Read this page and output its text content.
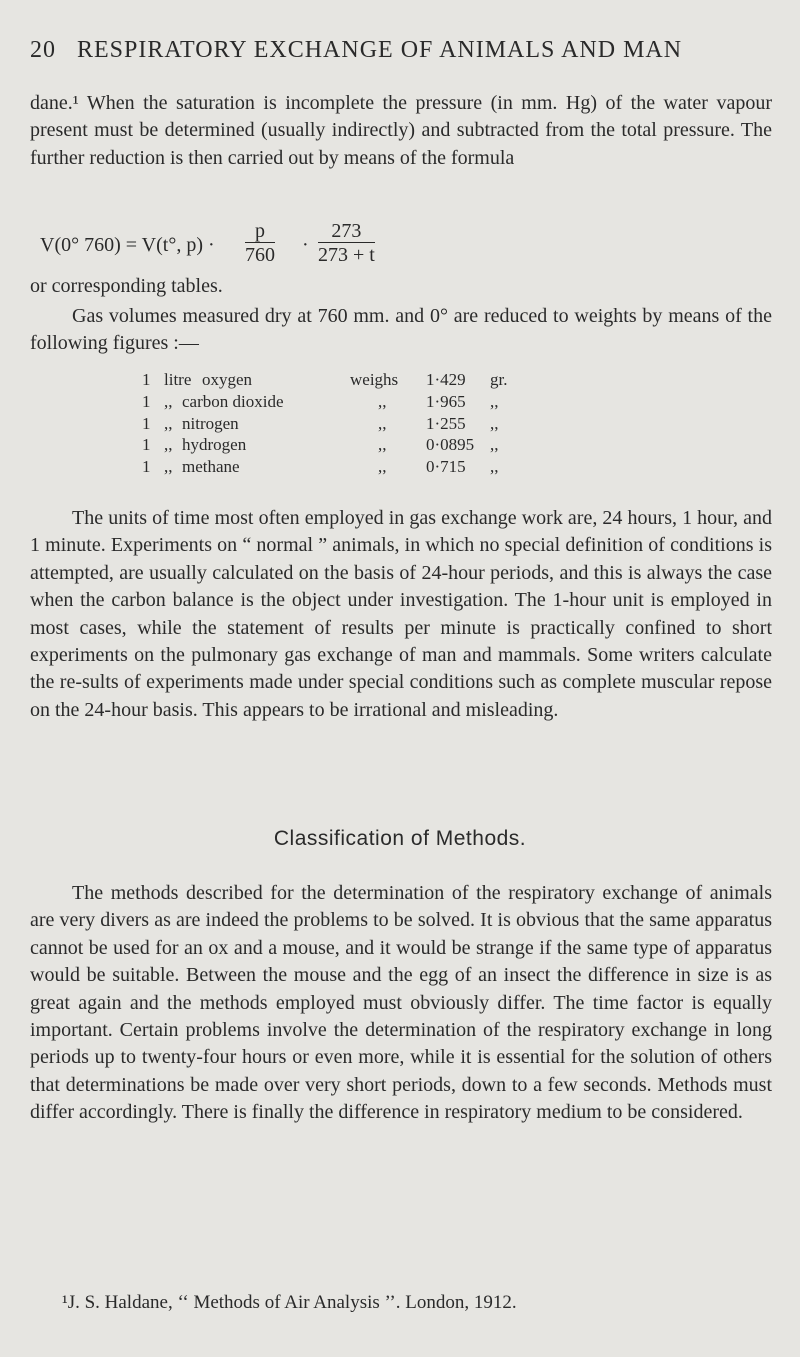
20 RESPIRATORY EXCHANGE OF ANIMALS AND MAN

dane.¹ When the saturation is incomplete the pressure (in mm. Hg) of the water vapour present must be determined (usually indirectly) and subtracted from the total pressure. The further reduction is then carried out by means of the formula

V(0° 760) = V(t°, $p) \cdot \frac{p}{760} \cdot \frac{273}{273 + t}$
or corresponding tables.

Gas volumes measured dry at 760 mm. and 0° are reduced to weights by means of the following figures :—

1 litre oxygen	weighs 1·429 gr.
1 ,, carbon dioxide	,, 1·965 ,,
1 ,, nitrogen	,, 1·255 ,,
1 ,, hydrogen	,, 0·0895 ,,
1 ,, methane	,, 0·715 ,,

The units of time most often employed in gas exchange work are, 24 hours, 1 hour, and 1 minute. Experiments on “ normal ” animals, in which no special definition of conditions is attempted, are usually calculated on the basis of 24-hour periods, and this is always the case when the carbon balance is the object under investigation. The 1-hour unit is employed in most cases, while the statement of results per minute is practically confined to short experiments on the pulmonary gas exchange of man and mammals. Some writers calculate the re-sults of experiments made under special conditions such as complete muscular repose on the 24-hour basis. This appears to be irrational and misleading.

Classification of Methods.

The methods described for the determination of the respiratory exchange of animals are very divers as are indeed the problems to be solved. It is obvious that the same apparatus cannot be used for an ox and a mouse, and it would be strange if the same type of apparatus would be suitable. Between the mouse and the egg of an insect the difference in size is as great again and the methods employed must obviously differ. The time factor is equally important. Certain problems involve the determination of the respiratory exchange in long periods up to twenty-four hours or even more, while it is essential for the solution of others that determinations be made over very short periods, down to a few seconds. Methods must differ accordingly. There is finally the difference in respiratory medium to be considered.

¹J. S. Haldane, ‘‘ Methods of Air Analysis ’’. London, 1912.
